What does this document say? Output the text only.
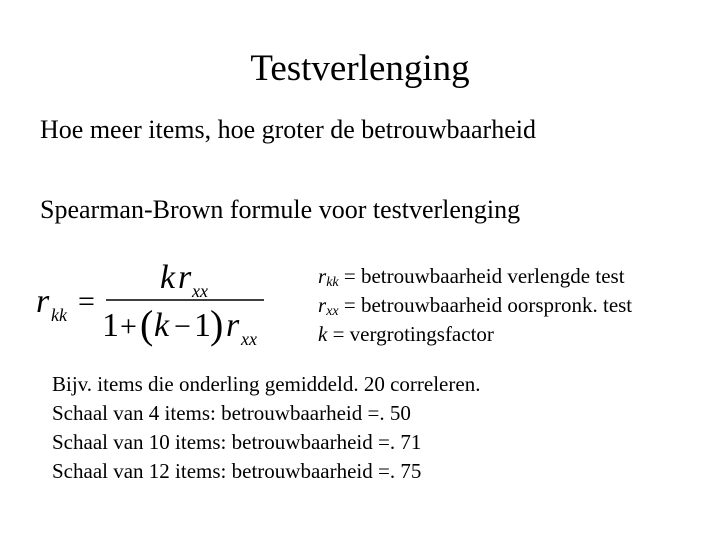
Testverlenging
Hoe meer items, hoe groter de betrouwbaarheid
Spearman-Brown formule voor testverlenging
r kk =
k r xx
1 + ( k − 1 ) r xx
$r_{kk}$ = betrouwbaarheid verlengde test
$r_{xx}$ = betrouwbaarheid oorspronk. test
k = vergrotingsfactor
Bijv. items die onderling gemiddeld. 20 correleren.
Schaal van 4 items: betrouwbaarheid =. 50
Schaal van 10 items: betrouwbaarheid =. 71
Schaal van 12 items: betrouwbaarheid =. 75
